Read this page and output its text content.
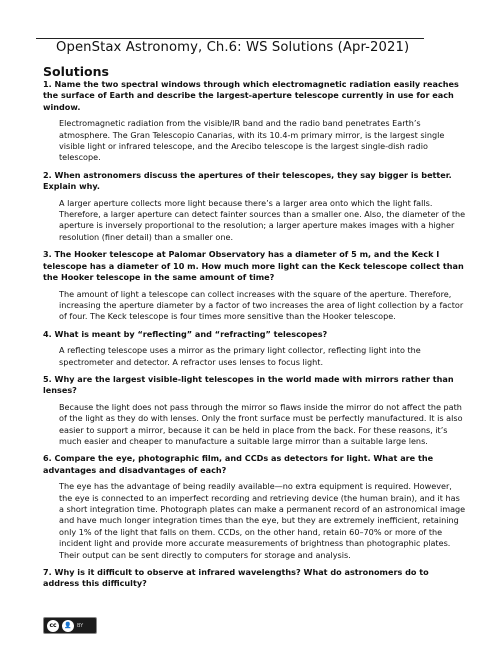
OpenStax Astronomy, Ch.6: WS Solutions (Apr-2021)
Solutions

1. Name the two spectral windows through which electromagnetic radiation easily reaches the surface of Earth and describe the largest-aperture telescope currently in use for each window.

Electromagnetic radiation from the visible/IR band and the radio band penetrates Earth’s atmosphere. The Gran Telescopio Canarias, with its 10.4-m primary mirror, is the largest single visible light or infrared telescope, and the Arecibo telescope is the largest single-dish radio telescope.

2. When astronomers discuss the apertures of their telescopes, they say bigger is better. Explain why.

A larger aperture collects more light because there’s a larger area onto which the light falls. Therefore, a larger aperture can detect fainter sources than a smaller one. Also, the diameter of the aperture is inversely proportional to the resolution; a larger aperture makes images with a higher resolution (finer detail) than a smaller one.

3. The Hooker telescope at Palomar Observatory has a diameter of 5 m, and the Keck I telescope has a diameter of 10 m. How much more light can the Keck telescope collect than the Hooker telescope in the same amount of time?

The amount of light a telescope can collect increases with the square of the aperture. Therefore, increasing the aperture diameter by a factor of two increases the area of light collection by a factor of four. The Keck telescope is four times more sensitive than the Hooker telescope.

4. What is meant by “reflecting” and “refracting” telescopes?

A reflecting telescope uses a mirror as the primary light collector, reflecting light into the spectrometer and detector. A refractor uses lenses to focus light.

5. Why are the largest visible-light telescopes in the world made with mirrors rather than lenses?

Because the light does not pass through the mirror so flaws inside the mirror do not affect the path of the light as they do with lenses. Only the front surface must be perfectly manufactured. It is also easier to support a mirror, because it can be held in place from the back. For these reasons, it’s much easier and cheaper to manufacture a suitable large mirror than a suitable large lens.

6. Compare the eye, photographic film, and CCDs as detectors for light. What are the advantages and disadvantages of each?

The eye has the advantage of being readily available—no extra equipment is required. However, the eye is connected to an imperfect recording and retrieving device (the human brain), and it has a short integration time. Photograph plates can make a permanent record of an astronomical image and have much longer integration times than the eye, but they are extremely inefficient, retaining only 1% of the light that falls on them. CCDs, on the other hand, retain 60–70% or more of the incident light and provide more accurate measurements of brightness than photographic plates. Their output can be sent directly to computers for storage and analysis.

7. Why is it difficult to observe at infrared wavelengths? What do astronomers do to address this difficulty?

cc	👤	BY
